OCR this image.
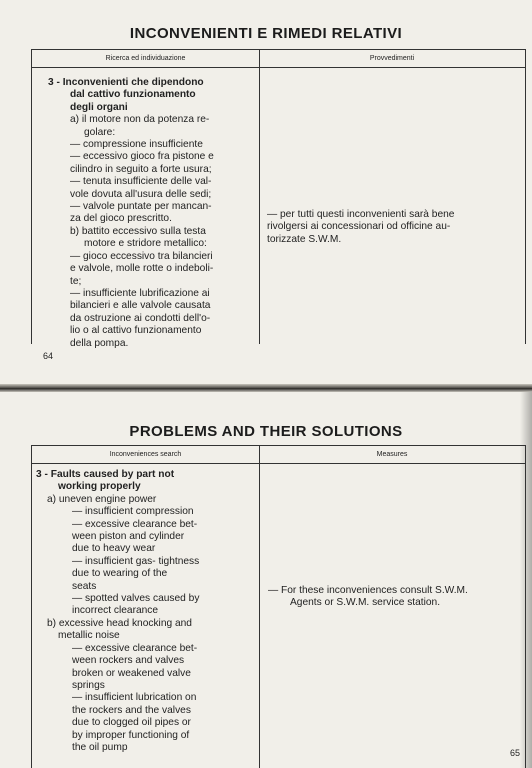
INCONVENIENTI E RIMEDI RELATIVI
Ricerca ed individuazione	Provvedimenti
3 - Inconvenienti che dipendono
dal cattivo funzionamento
degli organi
a) il motore non da potenza re-
golare:
— compressione insufficiente
— eccessivo gioco fra pistone e
cilindro in seguito a forte usura;
— tenuta insufficiente delle val-
vole dovuta all'usura delle sedi;
— valvole puntate per mancan-
za del gioco prescritto.
b) battito eccessivo sulla testa
motore e stridore metallico:
— gioco eccessivo tra bilancieri
e valvole, molle rotte o indeboli-
te;
— insufficiente lubrificazione ai
bilancieri e alle valvole causata
da ostruzione ai condotti dell'o-
lio o al cattivo funzionamento
della pompa.
— per tutti questi inconvenienti sarà bene
rivolgersi ai concessionari od officine au-
torizzate S.W.M.
64
PROBLEMS AND THEIR SOLUTIONS
Inconveniences search	Measures
3 - Faults caused by part not
working properly
a) uneven engine power
— insufficient compression
— excessive clearance bet-
ween piston and cylinder
due to heavy wear
— insufficient gas- tightness
due to wearing of the
seats
— spotted valves caused by
incorrect clearance
b) excessive head knocking and
metallic noise
— excessive clearance bet-
ween rockers and valves
broken or weakened valve
springs
— insufficient lubrication on
the rockers and the valves
due to clogged oil pipes or
by improper functioning of
the oil pump
— For these inconveniences consult S.W.M.
Agents or S.W.M. service station.
65
